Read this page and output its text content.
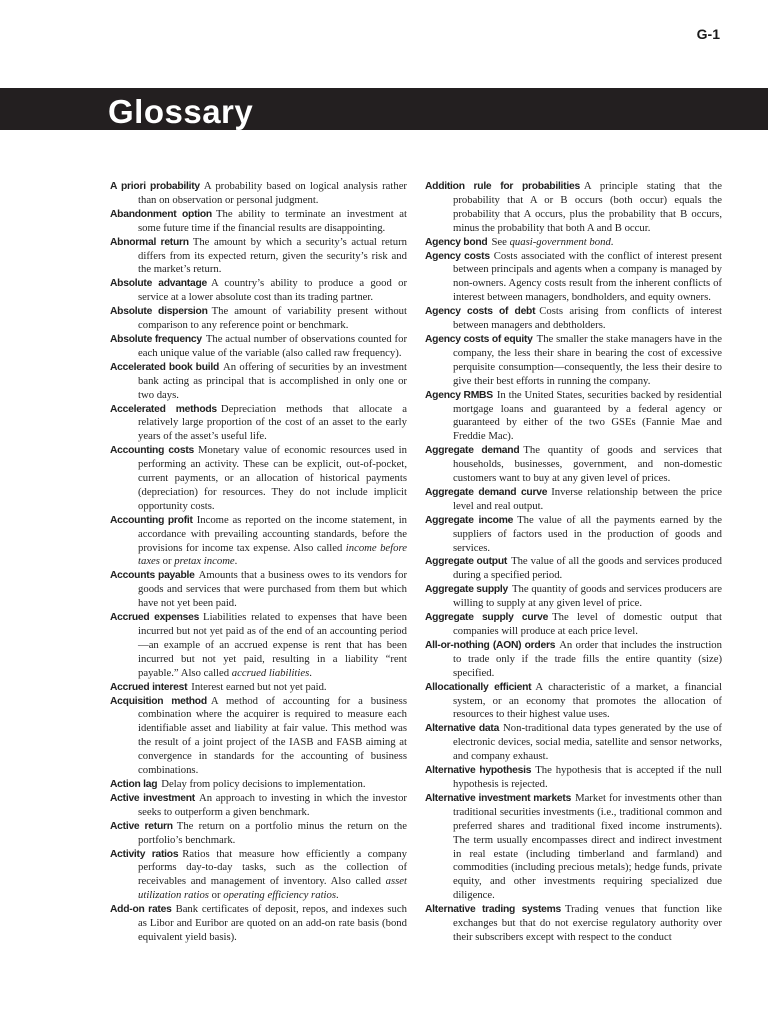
G-1
Glossary
A priori probability A probability based on logical analysis rather than on observation or personal judgment.
Abandonment option The ability to terminate an investment at some future time if the financial results are disappointing.
Abnormal return The amount by which a security’s actual return differs from its expected return, given the security’s risk and the market’s return.
Absolute advantage A country’s ability to produce a good or service at a lower absolute cost than its trading partner.
Absolute dispersion The amount of variability present without comparison to any reference point or benchmark.
Absolute frequency The actual number of observations counted for each unique value of the variable (also called raw frequency).
Accelerated book build An offering of securities by an investment bank acting as principal that is accomplished in only one or two days.
Accelerated methods Depreciation methods that allocate a relatively large proportion of the cost of an asset to the early years of the asset’s useful life.
Accounting costs Monetary value of economic resources used in performing an activity. These can be explicit, out-of-pocket, current payments, or an allocation of historical payments (depreciation) for resources. They do not include implicit opportunity costs.
Accounting profit Income as reported on the income statement, in accordance with prevailing accounting standards, before the provisions for income tax expense. Also called income before taxes or pretax income.
Accounts payable Amounts that a business owes to its vendors for goods and services that were purchased from them but which have not yet been paid.
Accrued expenses Liabilities related to expenses that have been incurred but not yet paid as of the end of an accounting period—an example of an accrued expense is rent that has been incurred but not yet paid, resulting in a liability “rent payable.” Also called accrued liabilities.
Accrued interest Interest earned but not yet paid.
Acquisition method A method of accounting for a business combination where the acquirer is required to measure each identifiable asset and liability at fair value. This method was the result of a joint project of the IASB and FASB aiming at convergence in standards for the accounting of business combinations.
Action lag Delay from policy decisions to implementation.
Active investment An approach to investing in which the investor seeks to outperform a given benchmark.
Active return The return on a portfolio minus the return on the portfolio’s benchmark.
Activity ratios Ratios that measure how efficiently a company performs day-to-day tasks, such as the collection of receivables and management of inventory. Also called asset utilization ratios or operating efficiency ratios.
Add-on rates Bank certificates of deposit, repos, and indexes such as Libor and Euribor are quoted on an add-on rate basis (bond equivalent yield basis).
Addition rule for probabilities A principle stating that the probability that A or B occurs (both occur) equals the probability that A occurs, plus the probability that B occurs, minus the probability that both A and B occur.
Agency bond See quasi-government bond.
Agency costs Costs associated with the conflict of interest present between principals and agents when a company is managed by non-owners. Agency costs result from the inherent conflicts of interest between managers, bondholders, and equity owners.
Agency costs of debt Costs arising from conflicts of interest between managers and debtholders.
Agency costs of equity The smaller the stake managers have in the company, the less their share in bearing the cost of excessive perquisite consumption—consequently, the less their desire to give their best efforts in running the company.
Agency RMBS In the United States, securities backed by residential mortgage loans and guaranteed by a federal agency or guaranteed by either of the two GSEs (Fannie Mae and Freddie Mac).
Aggregate demand The quantity of goods and services that households, businesses, government, and non-domestic customers want to buy at any given level of prices.
Aggregate demand curve Inverse relationship between the price level and real output.
Aggregate income The value of all the payments earned by the suppliers of factors used in the production of goods and services.
Aggregate output The value of all the goods and services produced during a specified period.
Aggregate supply The quantity of goods and services producers are willing to supply at any given level of price.
Aggregate supply curve The level of domestic output that companies will produce at each price level.
All-or-nothing (AON) orders An order that includes the instruction to trade only if the trade fills the entire quantity (size) specified.
Allocationally efficient A characteristic of a market, a financial system, or an economy that promotes the allocation of resources to their highest value uses.
Alternative data Non-traditional data types generated by the use of electronic devices, social media, satellite and sensor networks, and company exhaust.
Alternative hypothesis The hypothesis that is accepted if the null hypothesis is rejected.
Alternative investment markets Market for investments other than traditional securities investments (i.e., traditional common and preferred shares and traditional fixed income instruments). The term usually encompasses direct and indirect investment in real estate (including timberland and farmland) and commodities (including precious metals); hedge funds, private equity, and other investments requiring specialized due diligence.
Alternative trading systems Trading venues that function like exchanges but that do not exercise regulatory authority over their subscribers except with respect to the conduct
